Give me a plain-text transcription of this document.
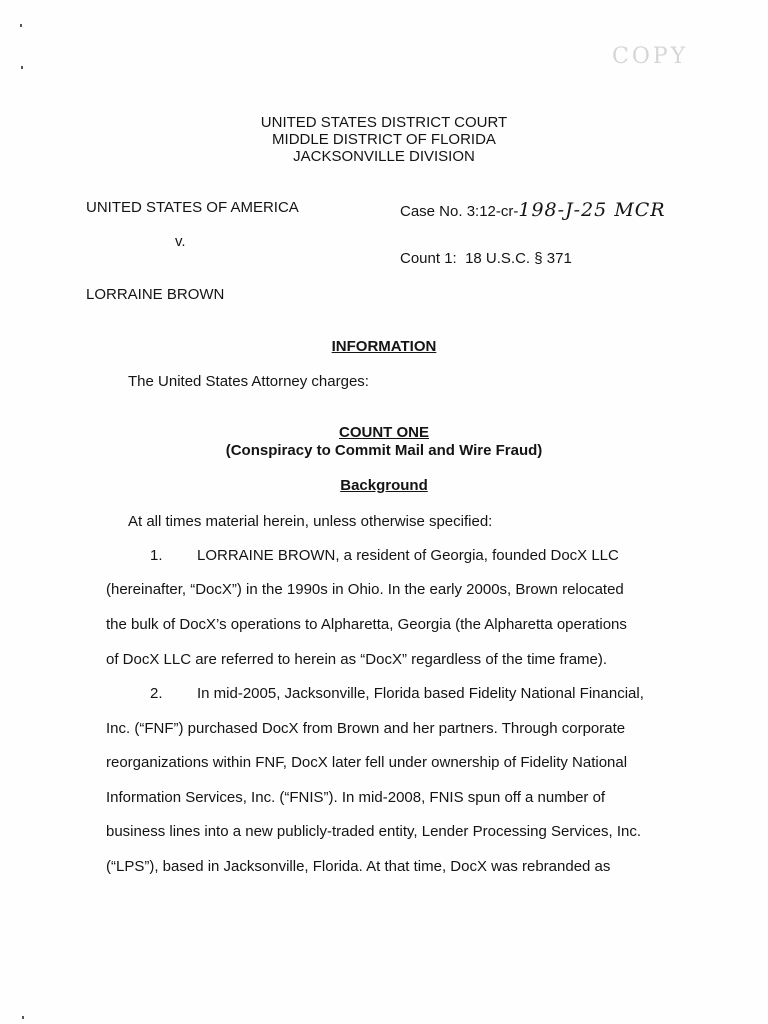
COPY
UNITED STATES DISTRICT COURT
MIDDLE DISTRICT OF FLORIDA
JACKSONVILLE DIVISION
UNITED STATES OF AMERICA	Case No. 3:12-cr-198-J-25 MCR
v.
Count 1: 18 U.S.C. § 371
LORRAINE BROWN
INFORMATION
The United States Attorney charges:
COUNT ONE
(Conspiracy to Commit Mail and Wire Fraud)
Background
At all times material herein, unless otherwise specified:
1. LORRAINE BROWN, a resident of Georgia, founded DocX LLC
(hereinafter, “DocX”) in the 1990s in Ohio. In the early 2000s, Brown relocated
the bulk of DocX’s operations to Alpharetta, Georgia (the Alpharetta operations
of DocX LLC are referred to herein as “DocX” regardless of the time frame).
2. In mid-2005, Jacksonville, Florida based Fidelity National Financial,
Inc. (“FNF”) purchased DocX from Brown and her partners. Through corporate
reorganizations within FNF, DocX later fell under ownership of Fidelity National
Information Services, Inc. (“FNIS”). In mid-2008, FNIS spun off a number of
business lines into a new publicly-traded entity, Lender Processing Services, Inc.
(“LPS”), based in Jacksonville, Florida. At that time, DocX was rebranded as
